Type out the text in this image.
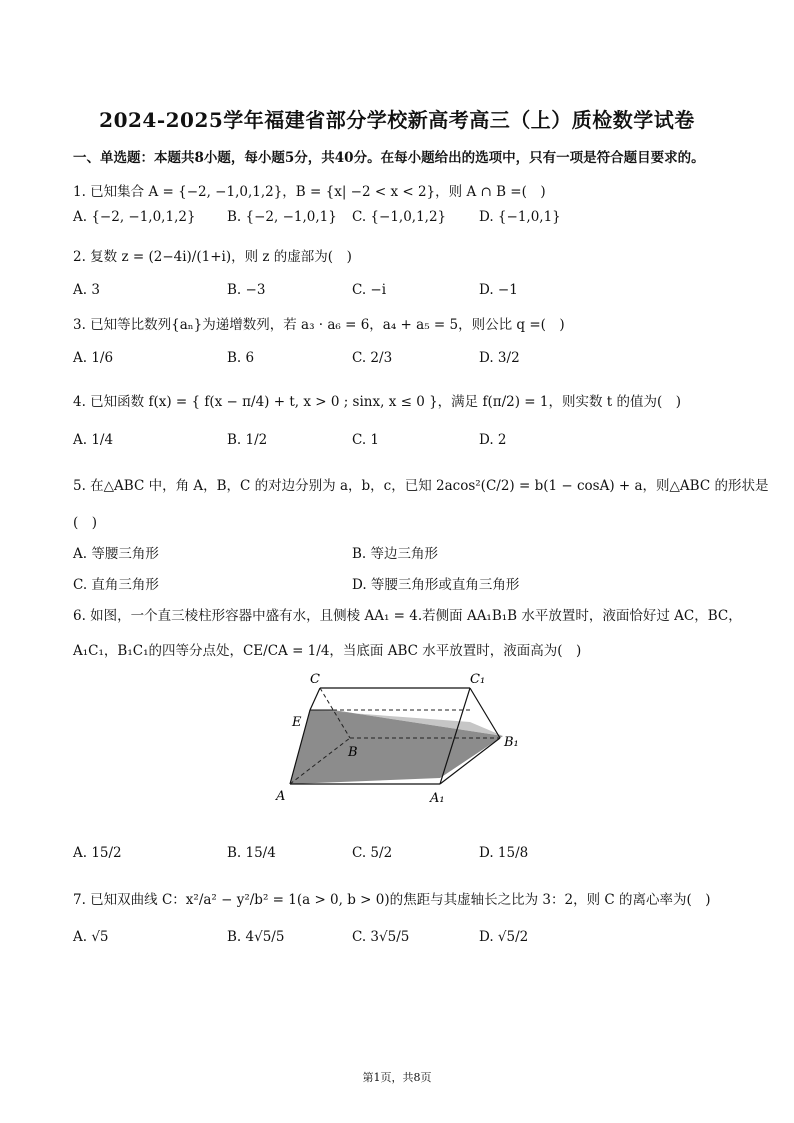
2024-2025学年福建省部分学校新高考高三（上）质检数学试卷
一、单选题：本题共8小题，每小题5分，共40分。在每小题给出的选项中，只有一项是符合题目要求的。
1. 已知集合 A = {−2, −1,0,1,2}，B = {x| −2 < x < 2}，则 A ∩ B =(　)
A. {−2, −1,0,1,2} B. {−2, −1,0,1} C. {−1,0,1,2} D. {−1,0,1}
2. 复数 z = (2−4i)/(1+i)，则 z 的虚部为(　)
A. 3	B. −3	C. −i	D. −1
3. 已知等比数列{aₙ}为递增数列，若 a₃ · a₆ = 6，a₄ + a₅ = 5，则公比 q =(　)
A. 1/6	B. 6	C. 2/3	D. 3/2
4. 已知函数 f(x) = { f(x − π/4) + t, x > 0 ; sinx, x ≤ 0 }，满足 f(π/2) = 1，则实数 t 的值为(　)
A. 1/4	B. 1/2	C. 1	D. 2
5. 在△ABC 中，角 A，B，C 的对边分别为 a，b，c，已知 2acos²(C/2) = b(1 − cosA) + a，则△ABC 的形状是
(　)
A. 等腰三角形	B. 等边三角形
C. 直角三角形	D. 等腰三角形或直角三角形
6. 如图，一个直三棱柱形容器中盛有水，且侧棱 AA₁ = 4.若侧面 AA₁B₁B 水平放置时，液面恰好过 AC，BC，
A₁C₁，B₁C₁的四等分点处，CE/CA = 1/4，当底面 ABC 水平放置时，液面高为(　)
C	C₁
E
B
B₁
A	A₁
A. 15/2	B. 15/4	C. 5/2	D. 15/8
7. 已知双曲线 C：x²/a² − y²/b² = 1(a > 0, b > 0)的焦距与其虚轴长之比为 3：2，则 C 的离心率为(　)
A. √5	B. 4√5/5	C. 3√5/5	D. √5/2
第1页，共8页
